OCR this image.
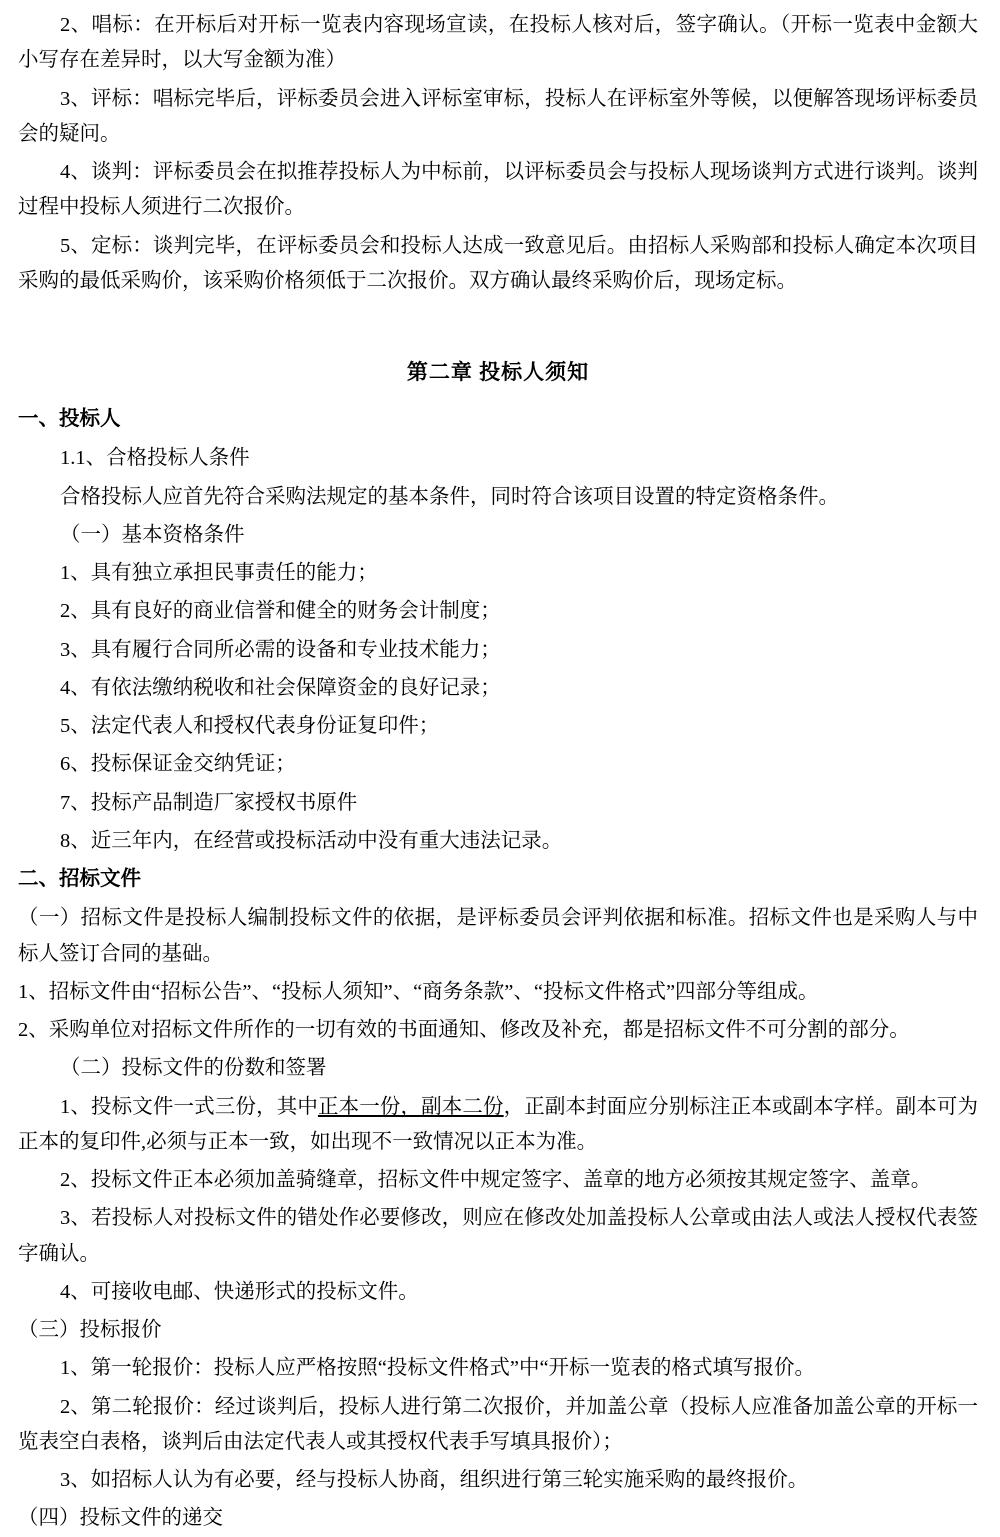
2、唱标：在开标后对开标一览表内容现场宣读，在投标人核对后，签字确认。（开标一览表中金额大小写存在差异时，以大写金额为准）

3、评标：唱标完毕后，评标委员会进入评标室审标，投标人在评标室外等候，以便解答现场评标委员会的疑问。

4、谈判：评标委员会在拟推荐投标人为中标前，以评标委员会与投标人现场谈判方式进行谈判。谈判过程中投标人须进行二次报价。

5、定标：谈判完毕，在评标委员会和投标人达成一致意见后。由招标人采购部和投标人确定本次项目采购的最低采购价，该采购价格须低于二次报价。双方确认最终采购价后，现场定标。

第二章 投标人须知

一、投标人

1.1、合格投标人条件

合格投标人应首先符合采购法规定的基本条件，同时符合该项目设置的特定资格条件。

（一）基本资格条件

1、具有独立承担民事责任的能力；

2、具有良好的商业信誉和健全的财务会计制度；

3、具有履行合同所必需的设备和专业技术能力；

4、有依法缴纳税收和社会保障资金的良好记录；

5、法定代表人和授权代表身份证复印件；

6、投标保证金交纳凭证；

7、投标产品制造厂家授权书原件

8、近三年内，在经营或投标活动中没有重大违法记录。

二、招标文件

（一）招标文件是投标人编制投标文件的依据，是评标委员会评判依据和标准。招标文件也是采购人与中标人签订合同的基础。

1、招标文件由“招标公告”、“投标人须知”、“商务条款”、“投标文件格式”四部分等组成。

2、采购单位对招标文件所作的一切有效的书面通知、修改及补充，都是招标文件不可分割的部分。

（二）投标文件的份数和签署

1、投标文件一式三份，其中正本一份，副本二份，正副本封面应分别标注正本或副本字样。副本可为正本的复印件,必须与正本一致，如出现不一致情况以正本为准。

2、投标文件正本必须加盖骑缝章，招标文件中规定签字、盖章的地方必须按其规定签字、盖章。

3、若投标人对投标文件的错处作必要修改，则应在修改处加盖投标人公章或由法人或法人授权代表签字确认。

4、可接收电邮、快递形式的投标文件。

（三）投标报价

1、第一轮报价：投标人应严格按照“投标文件格式”中“开标一览表的格式填写报价。

2、第二轮报价：经过谈判后，投标人进行第二次报价，并加盖公章（投标人应准备加盖公章的开标一览表空白表格，谈判后由法定代表人或其授权代表手写填具报价）；

3、如招标人认为有必要，经与投标人协商，组织进行第三轮实施采购的最终报价。

（四）投标文件的递交
